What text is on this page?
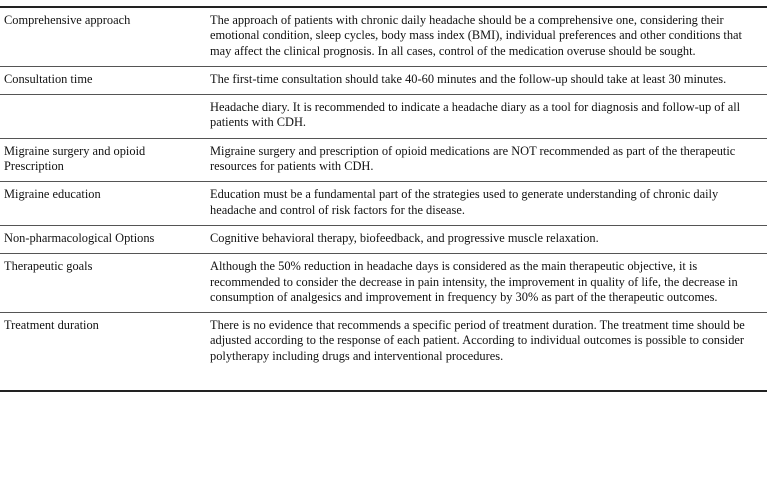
Comprehensive approach	The approach of patients with chronic daily headache should be a comprehensive one, considering their emotional condition, sleep cycles, body mass index (BMI), individual preferences and other conditions that may affect the clinical prognosis. In all cases, control of the medication overuse should be sought.
Consultation time	The first-time consultation should take 40-60 minutes and the follow-up should take at least 30 minutes.
	Headache diary. It is recommended to indicate a headache diary as a tool for diagnosis and follow-up of all patients with CDH.
Migraine surgery and opioid Prescription	Migraine surgery and prescription of opioid medications are NOT recommended as part of the therapeutic resources for patients with CDH.
Migraine education	Education must be a fundamental part of the strategies used to generate understanding of chronic daily headache and control of risk factors for the disease.
Non-pharmacological Options	Cognitive behavioral therapy, biofeedback, and progressive muscle relaxation.
Therapeutic goals	Although the 50% reduction in headache days is considered as the main therapeutic objective, it is recommended to consider the decrease in pain intensity, the improvement in quality of life, the decrease in consumption of analgesics and improvement in frequency by 30% as part of the therapeutic outcomes.
Treatment duration	There is no evidence that recommends a specific period of treatment duration. The treatment time should be adjusted according to the response of each patient. According to individual outcomes is possible to consider polytherapy including drugs and interventional procedures.
